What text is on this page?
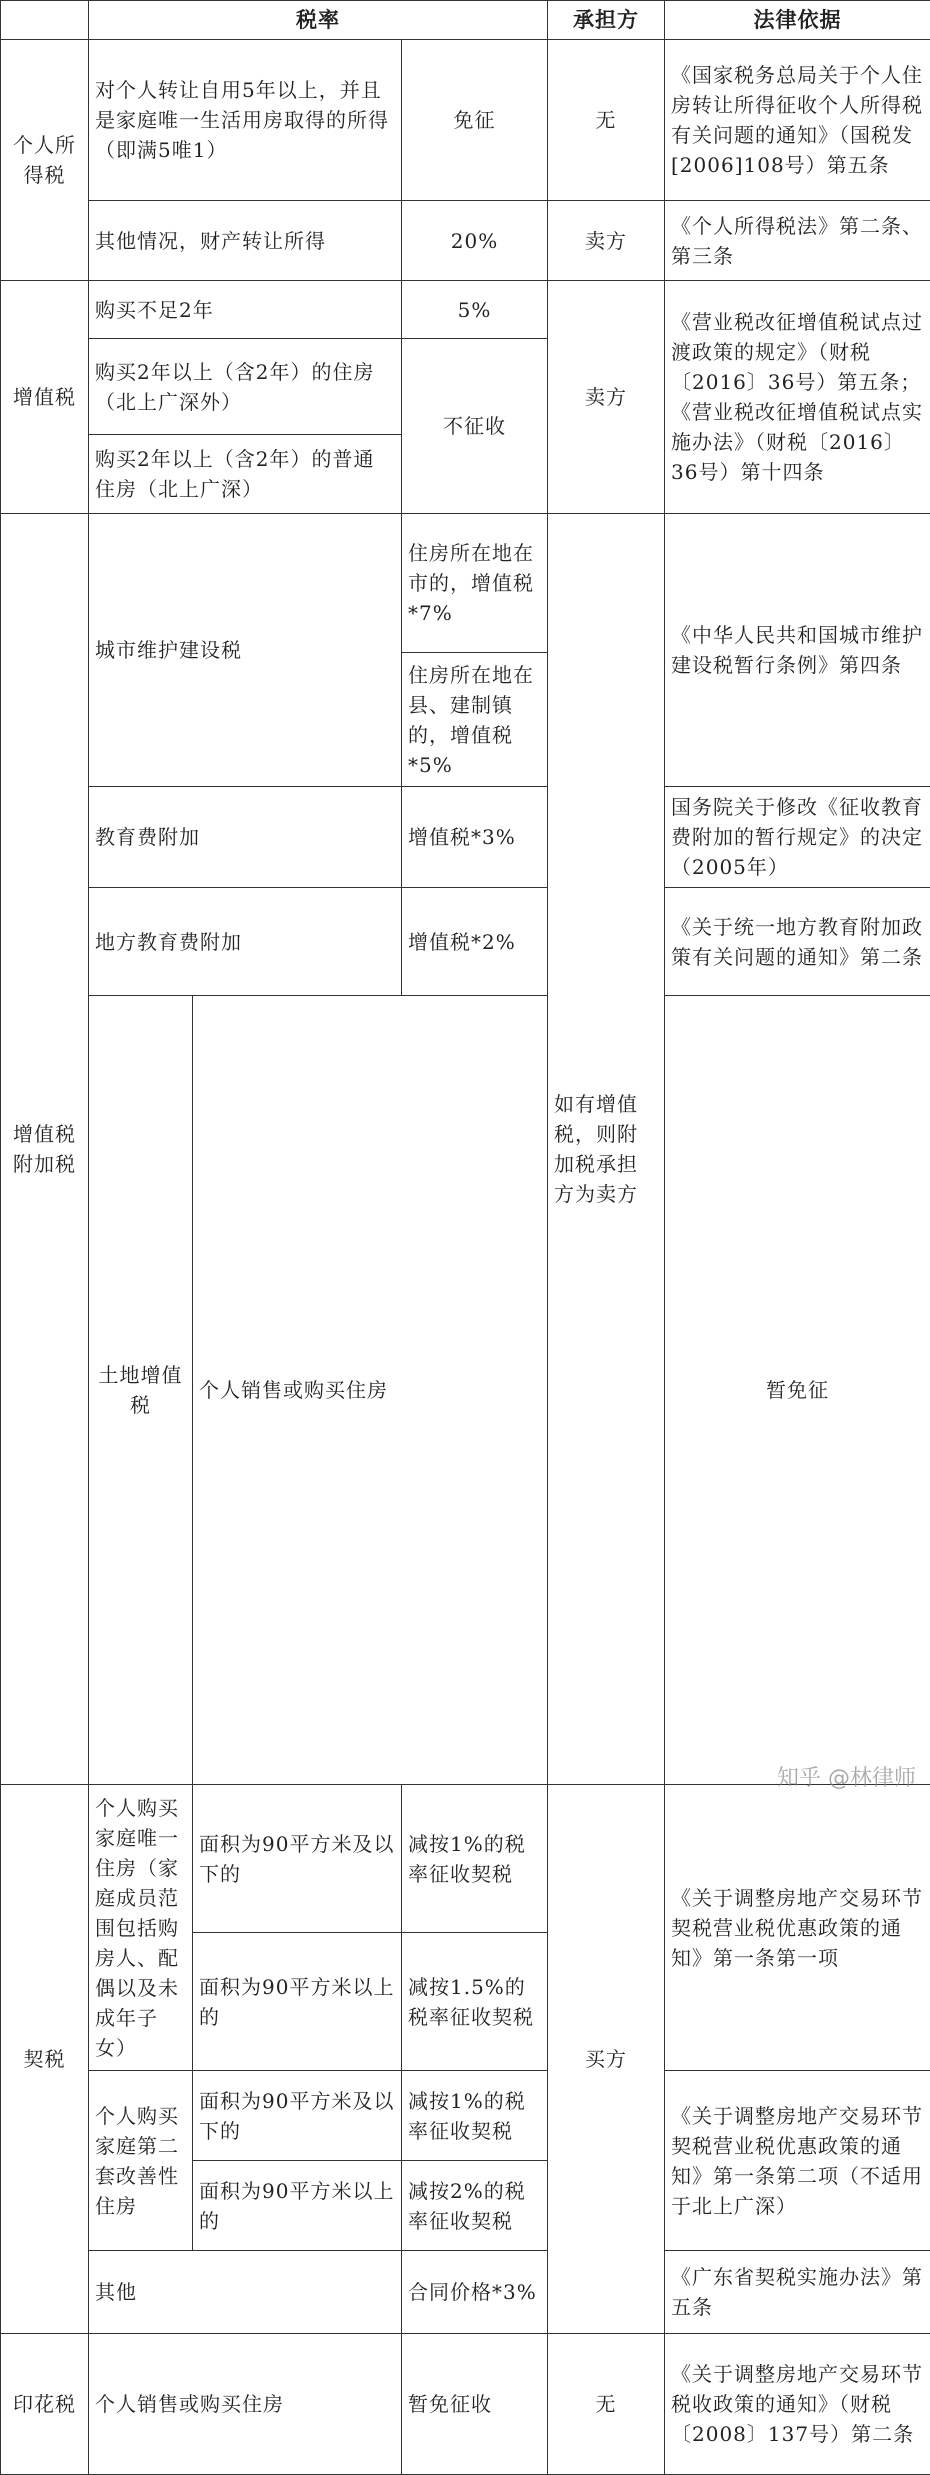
	税率			承担方	法律依据	
个人所得税	对个人转让自用5年以上，并且是家庭唯一生活用房取得的所得（即满5唯1）		免征	无	《国家税务总局关于个人住房转让所得征收个人所得税有关问题的通知》（国税发[2006]108号）第五条	
	其他情况，财产转让所得		20%	卖方	《个人所得税法》第二条、第三条	
增值税	购买不足2年		5%	卖方	《营业税改征增值税试点过渡政策的规定》（财税〔2016〕36号）第五条；《营业税改征增值税试点实施办法》（财税〔2016〕36号）第十四条	
	购买2年以上（含2年）的住房（北上广深外）		不征收			
	购买2年以上（含2年）的普通住房（北上广深）					
增值税附加税	城市维护建设税		住房所在地在市的，增值税*7%	如有增值税，则附加税承担方为卖方	《中华人民共和国城市维护建设税暂行条例》第四条	
			住房所在地在县、建制镇的，增值税*5%			
	教育费附加		增值税*3%		国务院关于修改《征收教育费附加的暂行规定》的决定（2005年）	
	地方教育费附加		增值税*2%		《关于统一地方教育附加政策有关问题的通知》第二条	
	土地增值税	个人销售或购买住房			暂免征		
契税	个人购买家庭唯一住房（家庭成员范围包括购房人、配偶以及未成年子女）	面积为90平方米及以下的	减按1%的税率征收契税	买方	《关于调整房地产交易环节契税营业税优惠政策的通知》第一条第一项	
		面积为90平方米以上的	减按1.5%的税率征收契税			
	个人购买家庭第二套改善性住房	面积为90平方米及以下的	减按1%的税率征收契税		《关于调整房地产交易环节契税营业税优惠政策的通知》第一条第二项（不适用于北上广深）	
		面积为90平方米以上的	减按2%的税率征收契税			
	其他		合同价格*3%		《广东省契税实施办法》第五条	
印花税	个人销售或购买住房		暂免征收	无	《关于调整房地产交易环节税收政策的通知》（财税〔2008〕137号）第二条	
知乎 @林律师
